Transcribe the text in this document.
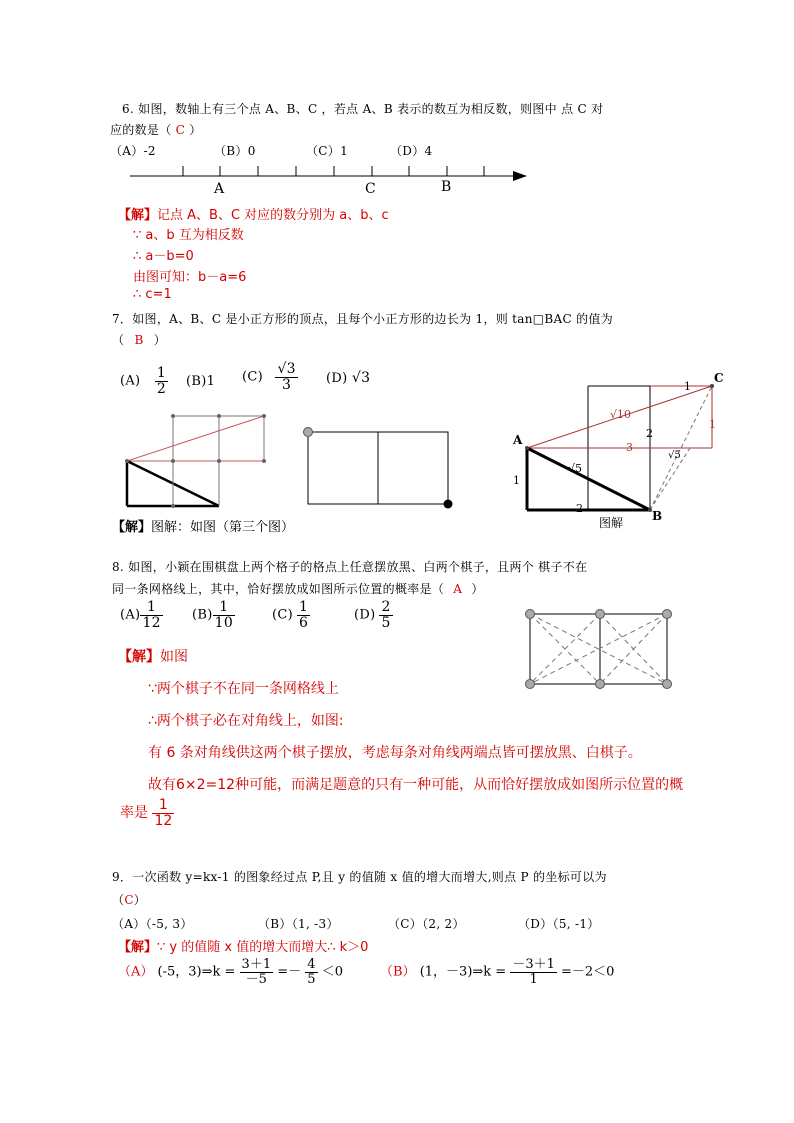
6. 如图，数轴上有三个点 A、B、C ，若点 A、B 表示的数互为相反数，则图中 点 C 对
应的数是（ C ）
（A）-2	（B）0	（C）1	（D）4
A	C	B
【解】记点 A、B、C 对应的数分别为 a、b、c
∵ a、b 互为相反数
∴ a－b=0
由图可知：b－a=6
∴ c=1
7．如图，A、B、C 是小正方形的顶点，且每个小正方形的边长为 1，则 tan□BAC 的值为
（ B ）
$(A) \frac{1}{2} (B)1$ $(C) \frac{√3}{3} (D)$ √3
A
B
C
1
1
2
3
1
2
√10
√5
√5
图解
【解】图解：如图（第三个图）
8. 如图，小颖在围棋盘上两个格子的格点上任意摆放黑、白两个棋子，且两个 棋子不在
同一条网格线上，其中，恰好摆放成如图所示位置的概率是（ A ）
$(A) \frac{1}{12} (B) \frac{1}{10}$	$(C) \frac{1}{6}$	$(D) \frac{2}{5}$
【解】如图
∵两个棋子不在同一条网格线上
∴两个棋子必在对角线上，如图:
有 6 条对角线供这两个棋子摆放，考虑每条对角线两端点皆可摆放黑、白棋子。
故有6×2=12种可能，而满足题意的只有一种可能，从而恰好摆放成如图所示位置的概
率是 $\frac{1}{12}$
9．一次函数 y=kx-1 的图象经过点 P,且 y 的值随 x 值的增大而增大,则点 P 的坐标可以为
（C）
（A）（-5, 3）	（B）（1, -3）	（C）（2, 2）	（D）（5, -1）
【解】∵ y 的值随 x 值的增大而增大∴ k＞0
（A） (-5，3)⇒k = $\frac{3+1}{-5} =- \frac{4}{5} <0$	（B） (1，－3)⇒k = $\frac{-3+1}{1} =-2<0$
